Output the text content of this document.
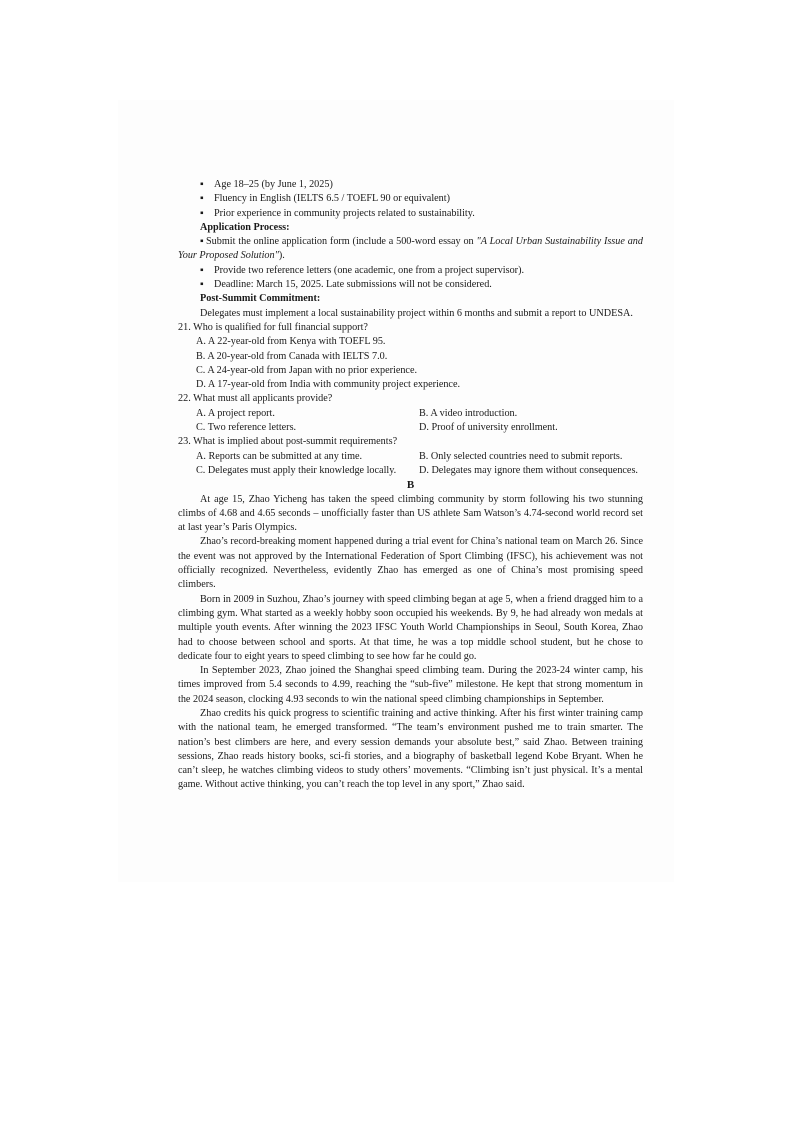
▪ Age 18–25 (by June 1, 2025)

▪ Fluency in English (IELTS 6.5 / TOEFL 90 or equivalent)

▪ Prior experience in community projects related to sustainability.

Application Process:

▪ Submit the online application form (include a 500-word essay on "A Local Urban Sustainability Issue and Your Proposed Solution").

▪ Provide two reference letters (one academic, one from a project supervisor).

▪ Deadline: March 15, 2025. Late submissions will not be considered.

Post-Summit Commitment:

Delegates must implement a local sustainability project within 6 months and submit a report to UNDESA.

21. Who is qualified for full financial support?

A. A 22-year-old from Kenya with TOEFL 95.

B. A 20-year-old from Canada with IELTS 7.0.

C. A 24-year-old from Japan with no prior experience.

D. A 17-year-old from India with community project experience.

22. What must all applicants provide?

A. A project report.	B. A video introduction.
C. Two reference letters.	D. Proof of university enrollment.

23. What is implied about post-summit requirements?

A. Reports can be submitted at any time.	B. Only selected countries need to submit reports.
C. Delegates must apply their knowledge locally.	D. Delegates may ignore them without consequences.

B

At age 15, Zhao Yicheng has taken the speed climbing community by storm following his two stunning climbs of 4.68 and 4.65 seconds – unofficially faster than US athlete Sam Watson’s 4.74-second world record set at last year’s Paris Olympics.

Zhao’s record-breaking moment happened during a trial event for China’s national team on March 26. Since the event was not approved by the International Federation of Sport Climbing (IFSC), his achievement was not officially recognized. Nevertheless, evidently Zhao has emerged as one of China’s most promising speed climbers.

Born in 2009 in Suzhou, Zhao’s journey with speed climbing began at age 5, when a friend dragged him to a climbing gym. What started as a weekly hobby soon occupied his weekends. By 9, he had already won medals at multiple youth events. After winning the 2023 IFSC Youth World Championships in Seoul, South Korea, Zhao had to choose between school and sports. At that time, he was a top middle school student, but he chose to dedicate four to eight years to speed climbing to see how far he could go.

In September 2023, Zhao joined the Shanghai speed climbing team. During the 2023-24 winter camp, his times improved from 5.4 seconds to 4.99, reaching the “sub-five” milestone. He kept that strong momentum in the 2024 season, clocking 4.93 seconds to win the national speed climbing championships in September.

Zhao credits his quick progress to scientific training and active thinking. After his first winter training camp with the national team, he emerged transformed. “The team’s environment pushed me to train smarter. The nation’s best climbers are here, and every session demands your absolute best,” said Zhao. Between training sessions, Zhao reads history books, sci-fi stories, and a biography of basketball legend Kobe Bryant. When he can’t sleep, he watches climbing videos to study others’ movements. “Climbing isn’t just physical. It’s a mental game. Without active thinking, you can’t reach the top level in any sport,” Zhao said.
